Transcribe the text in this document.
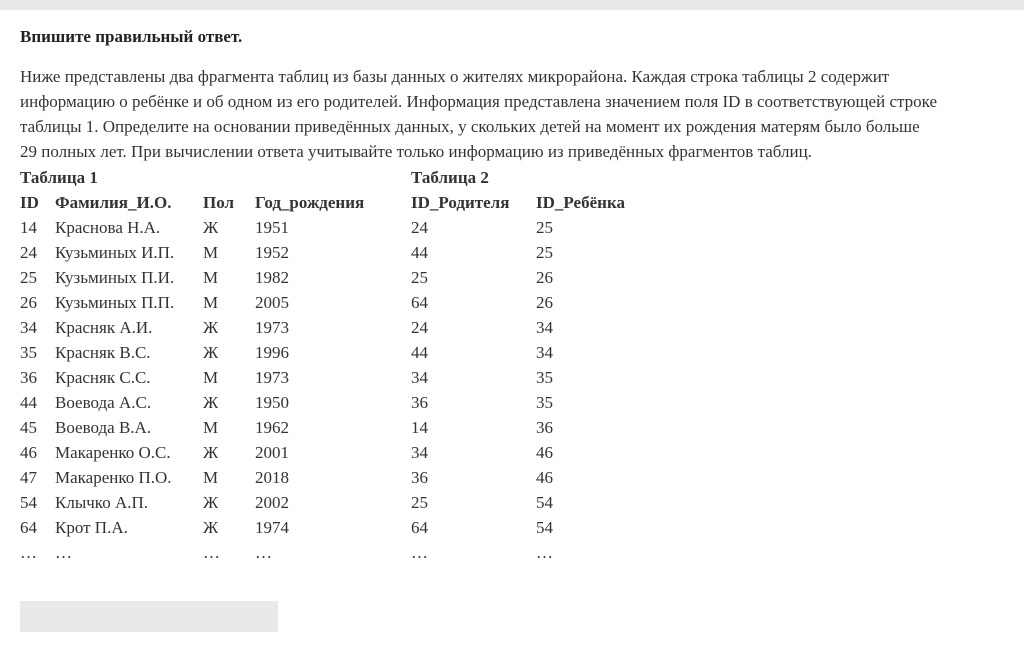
Впишите правильный ответ.

Ниже представлены два фрагмента таблиц из базы данных о жителях микрорайона. Каждая строка таблицы 2 содержит

информацию о ребёнке и об одном из его родителей. Информация представлена значением поля ID в соответствующей строке

таблицы 1. Определите на основании приведённых данных, у скольких детей на момент их рождения матерям было больше

29 полных лет. При вычислении ответа учитывайте только информацию из приведённых фрагментов таблиц.

Таблица 1			
ID	Фамилия_И.О.	Пол	Год_рождения
14	Краснова Н.А.	Ж	1951
24	Кузьминых И.П.	М	1952
25	Кузьминых П.И.	М	1982
26	Кузьминых П.П.	М	2005
34	Красняк А.И.	Ж	1973
35	Красняк В.С.	Ж	1996
36	Красняк С.С.	М	1973
44	Воевода А.С.	Ж	1950
45	Воевода В.А.	М	1962
46	Макаренко О.С.	Ж	2001
47	Макаренко П.О.	М	2018
54	Клычко А.П.	Ж	2002
64	Крот П.А.	Ж	1974
…	…	…	…
Таблица 2	
ID_Родителя	ID_Ребёнка
24	25
44	25
25	26
64	26
24	34
44	34
34	35
36	35
14	36
34	46
36	46
25	54
64	54
…	…
